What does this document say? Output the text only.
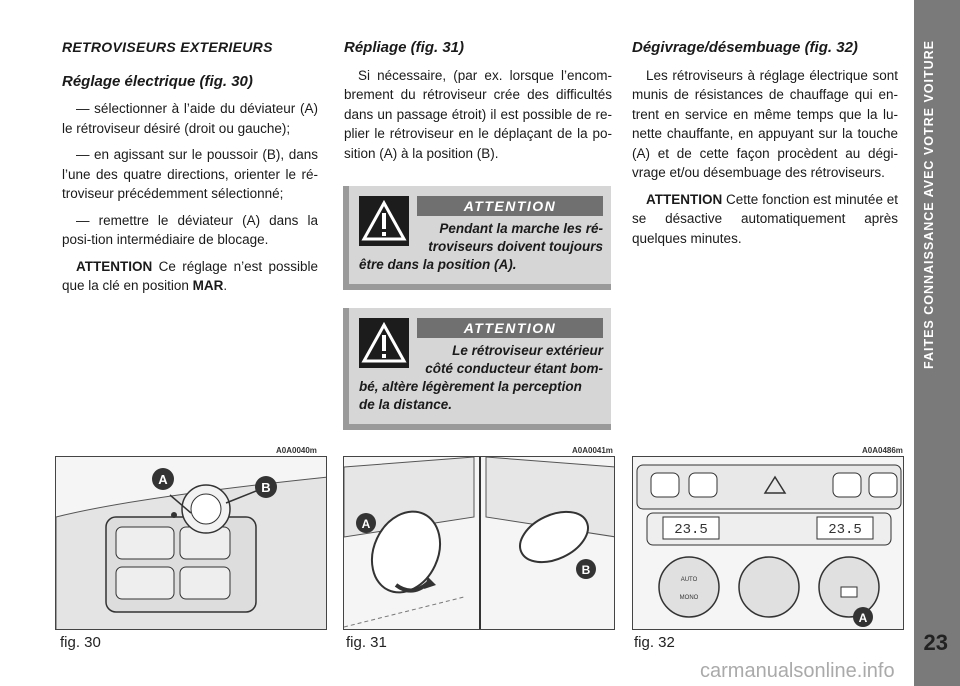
RETROVISEURS EXTERIEURS
Réglage électrique (fig. 30)

— sélectionner à l’aide du déviateur (A) le rétroviseur désiré (droit ou gauche);

— en agissant sur le poussoir (B), dans l’une des quatre directions, orienter le ré-troviseur précédemment sélectionné;

— remettre le déviateur (A) dans la posi-tion intermédiaire de blocage.

ATTENTION Ce réglage n’est possible que la clé en position MAR.

Répliage (fig. 31)

Si nécessaire, (par ex. lorsque l’encom-brement du rétroviseur crée des difficultés dans un passage étroit) il est possible de re-plier le rétroviseur en le déplaçant de la po-sition (A) à la position (B).

ATTENTION
Pendant la marche les ré-
troviseurs doivent toujours
être dans la position (A).
ATTENTION
Le rétroviseur extérieur
côté conducteur étant bom-
bé, altère légèrement la perception
de la distance.
Dégivrage/désembuage (fig. 32)

Les rétroviseurs à réglage électrique sont munis de résistances de chauffage qui en-trent en service en même temps que la lu-nette chauffante, en appuyant sur la touche (A) et de cette façon procèdent au dégi-vrage et/ou désembuage des rétroviseurs.

ATTENTION Cette fonction est minutée et se désactive automatiquement après quelques minutes.

A0A0040m	A0A0041m	A0A0486m
A
B
A
B
23.5	23.5
AUTO
MONO
A
fig. 30	fig. 31	fig. 32
FAITES CONNAISSANCE AVEC VOTRE VOITURE
23
carmanualsonline.info
